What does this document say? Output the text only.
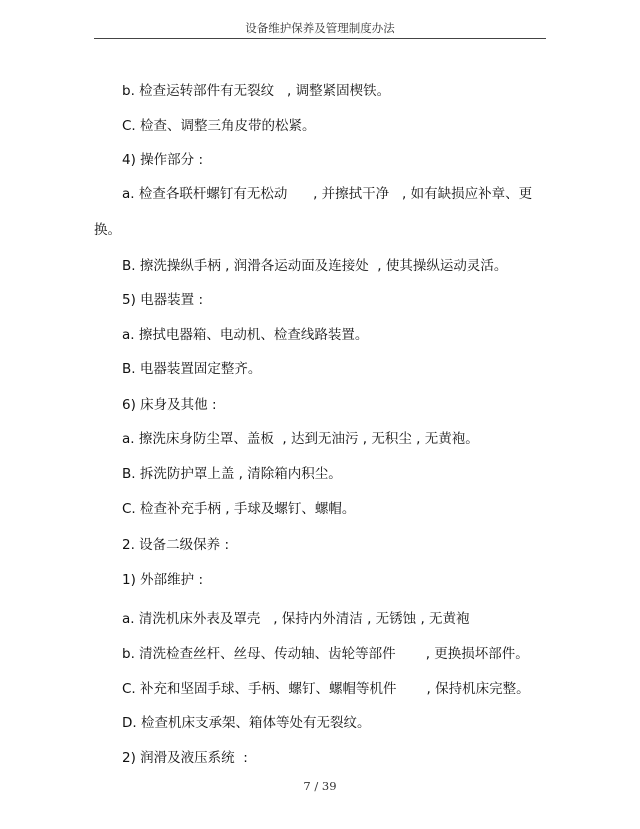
设备维护保养及管理制度办法
b. 检查运转部件有无裂纹   , 调整紧固楔铁。
C. 检查、调整三角皮带的松紧。
4) 操作部分 :
a. 检查各联杆螺钉有无松动      , 并擦拭干净   , 如有缺损应补章、更
换。
B. 擦洗操纵手柄 , 润滑各运动面及连接处  , 使其操纵运动灵活。
5) 电器装置 :
a. 擦拭电器箱、电动机、检查线路装置。
B. 电器装置固定整齐。
6) 床身及其他 :
a. 擦洗床身防尘罩、盖板  , 达到无油污 , 无积尘 , 无黄袍。
B. 拆洗防护罩上盖 , 清除箱内积尘。
C. 检查补充手柄 , 手球及螺钉、螺帽。
2. 设备二级保养 :
1) 外部维护 :
a. 清洗机床外表及罩壳   , 保持内外清洁 , 无锈蚀 , 无黄袍
b. 清洗检查丝杆、丝母、传动轴、齿轮等部件       , 更换损坏部件。
C. 补充和坚固手球、手柄、螺钉、螺帽等机件       , 保持机床完整。
D. 检查机床支承架、箱体等处有无裂纹。
2) 润滑及液压系统  :
7 / 39
